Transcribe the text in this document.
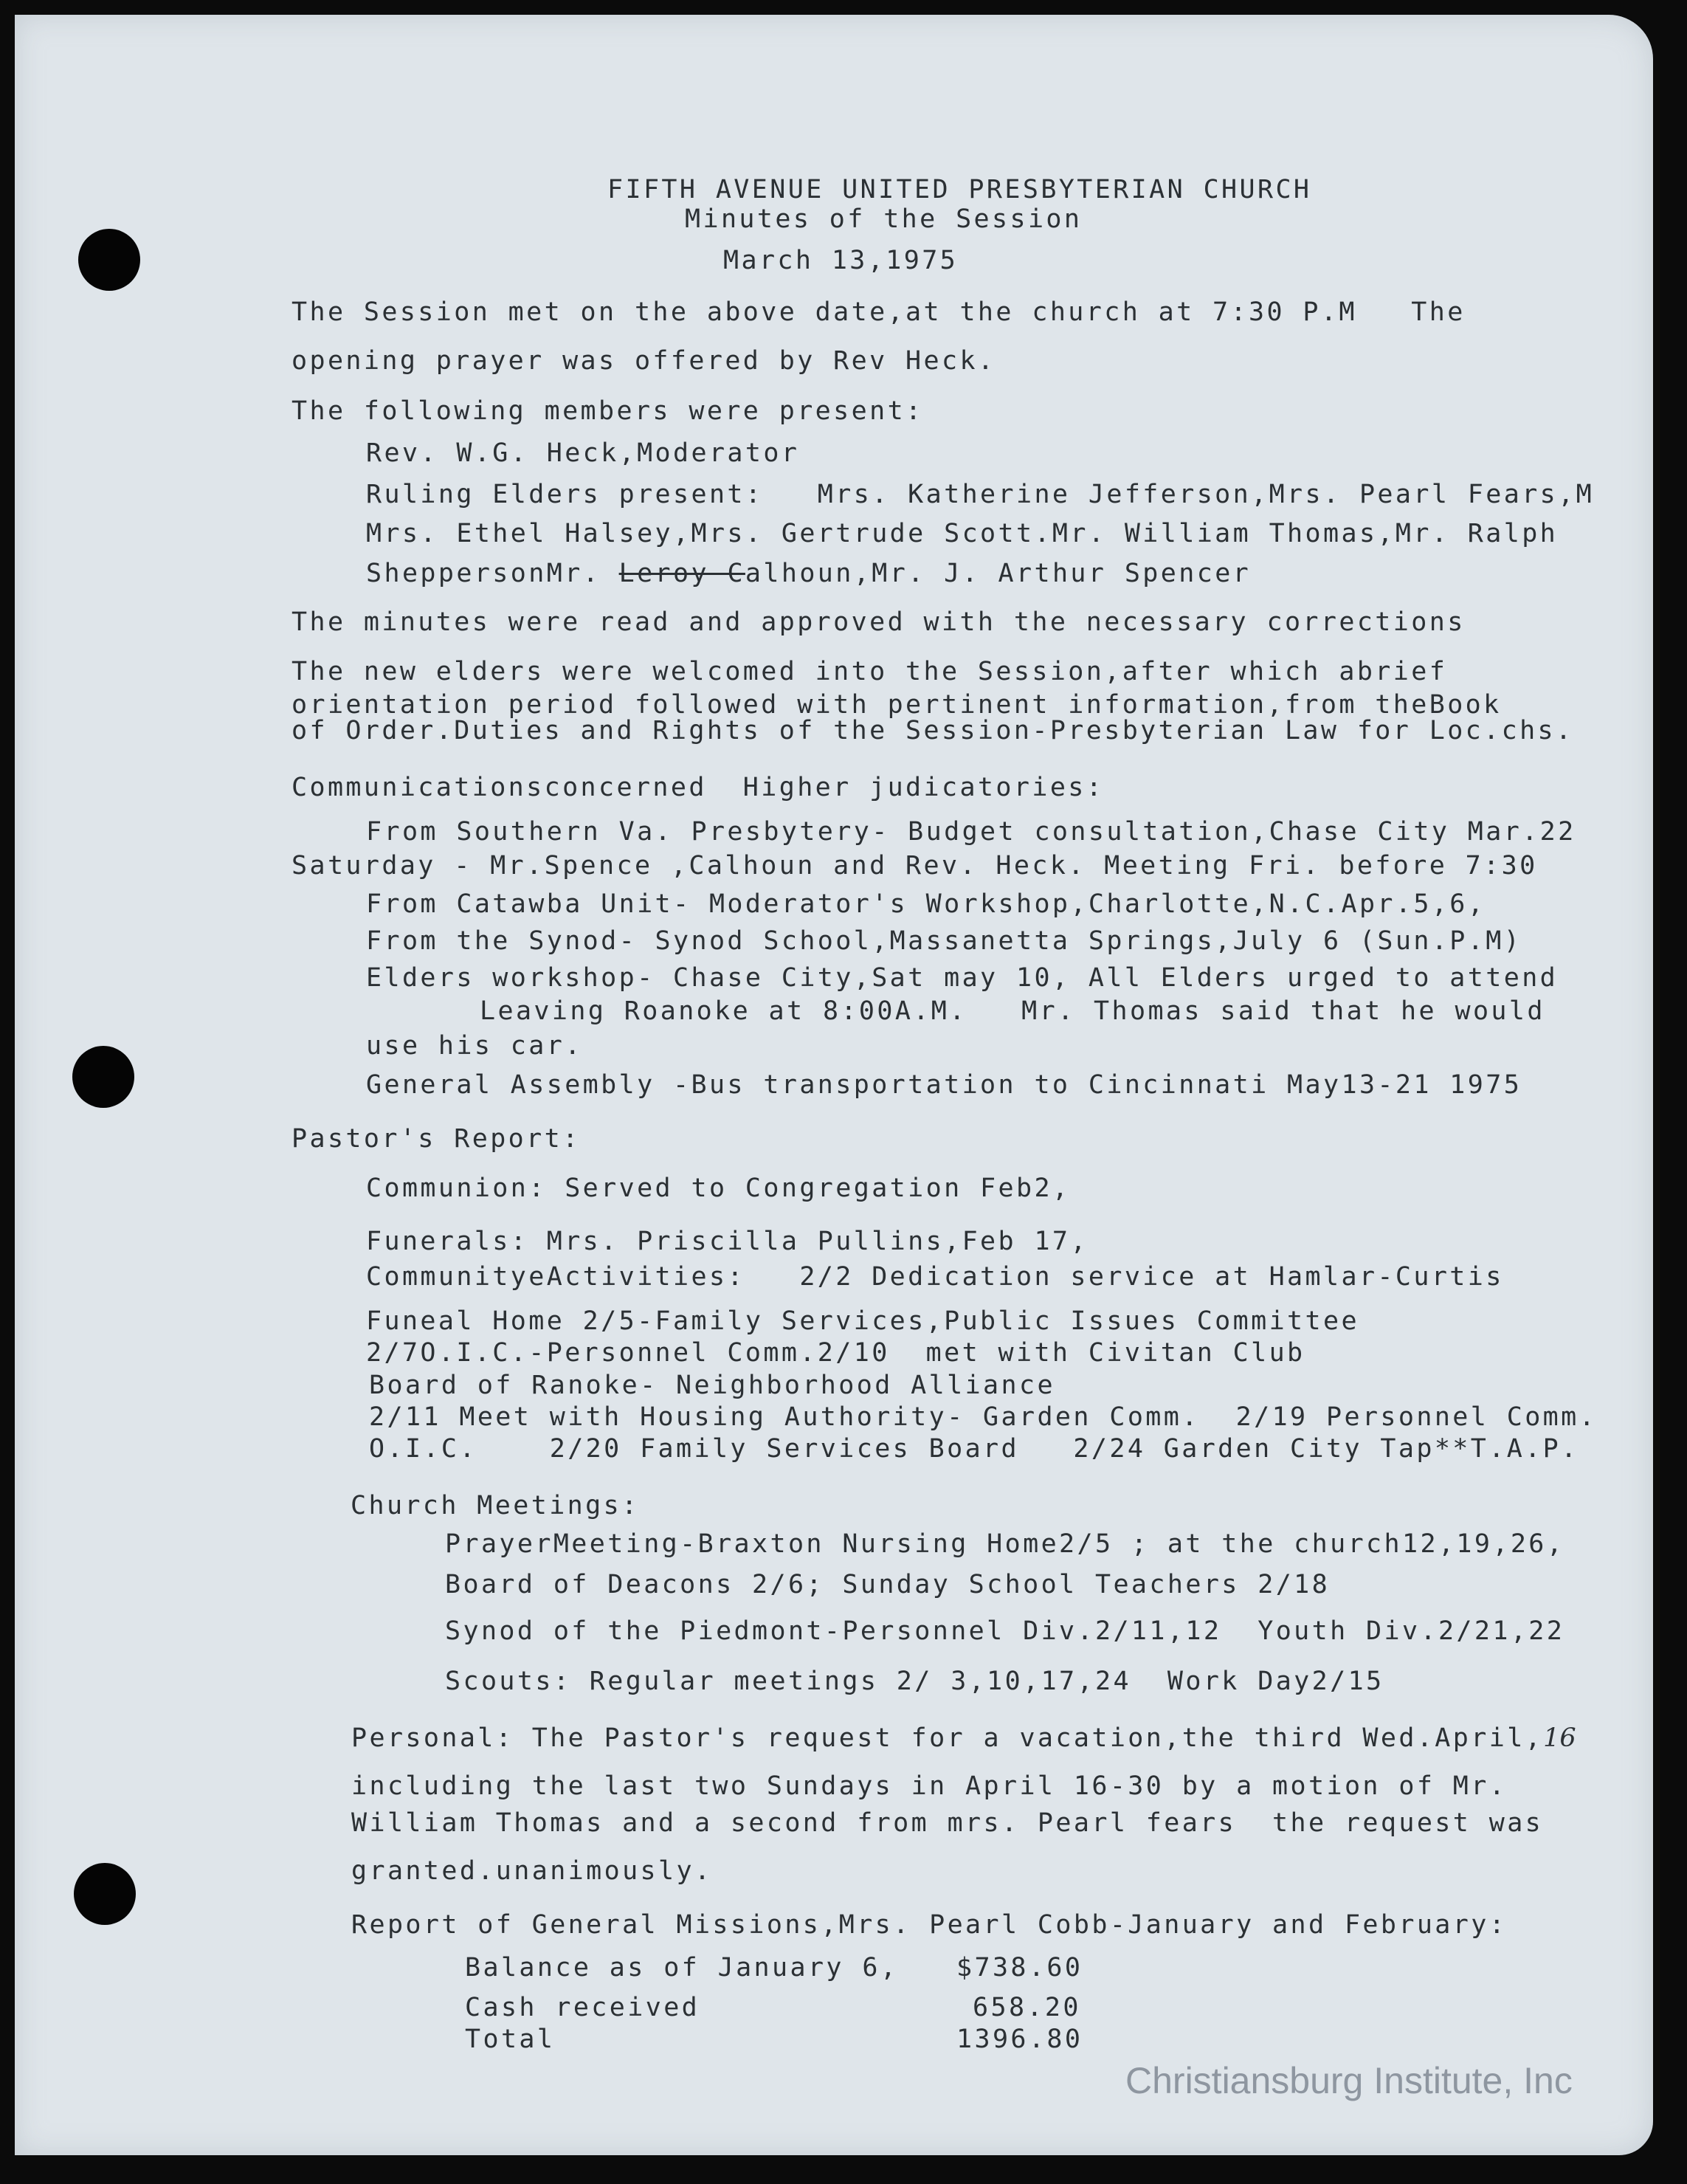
FIFTH AVENUE UNITED PRESBYTERIAN CHURCH
Minutes of the Session
March 13,1975
The Session met on the above date,at the church at 7:30 P.M   The
opening prayer was offered by Rev Heck.
The following members were present:
Rev. W.G. Heck,Moderator
Ruling Elders present:   Mrs. Katherine Jefferson,Mrs. Pearl Fears,M
Mrs. Ethel Halsey,Mrs. Gertrude Scott.Mr. William Thomas,Mr. Ralph
SheppersonMr. Leroy Calhoun,Mr. J. Arthur Spencer
The minutes were read and approved with the necessary corrections
The new elders were welcomed into the Session,after which abrief
orientation period followed with pertinent information,from theBook
of Order.Duties and Rights of the Session-Presbyterian Law for Loc.chs.
Communicationsconcerned  Higher judicatories:
From Southern Va. Presbytery- Budget consultation,Chase City Mar.22
Saturday - Mr.Spence ,Calhoun and Rev. Heck. Meeting Fri. before 7:30
From Catawba Unit- Moderator's Workshop,Charlotte,N.C.Apr.5,6,
From the Synod- Synod School,Massanetta Springs,July 6 (Sun.P.M)
Elders workshop- Chase City,Sat may 10, All Elders urged to attend
Leaving Roanoke at 8:00A.M.   Mr. Thomas said that he would
use his car.
General Assembly -Bus transportation to Cincinnati May13-21 1975
Pastor's Report:
Communion: Served to Congregation Feb2,
Funerals: Mrs. Priscilla Pullins,Feb 17,
CommunityeActivities:   2/2 Dedication service at Hamlar-Curtis
Funeal Home 2/5-Family Services,Public Issues Committee
2/7O.I.C.-Personnel Comm.2/10  met with Civitan Club
Board of Ranoke- Neighborhood Alliance
2/11 Meet with Housing Authority- Garden Comm.  2/19 Personnel Comm.
O.I.C.    2/20 Family Services Board   2/24 Garden City Tap**T.A.P.
Church Meetings:
PrayerMeeting-Braxton Nursing Home2/5 ; at the church12,19,26,
Board of Deacons 2/6; Sunday School Teachers 2/18
Synod of the Piedmont-Personnel Div.2/11,12  Youth Div.2/21,22
Scouts: Regular meetings 2/ 3,10,17,24  Work Day2/15
Personal: The Pastor's request for a vacation,the third Wed.April,16
including the last two Sundays in April 16-30 by a motion of Mr.
William Thomas and a second from mrs. Pearl fears  the request was
granted.unanimously.
Report of General Missions,Mrs. Pearl Cobb-January and February:
Balance as of January 6, $738.60
Cash received	658.20
Total	1396.80
Christiansburg Institute, Inc
